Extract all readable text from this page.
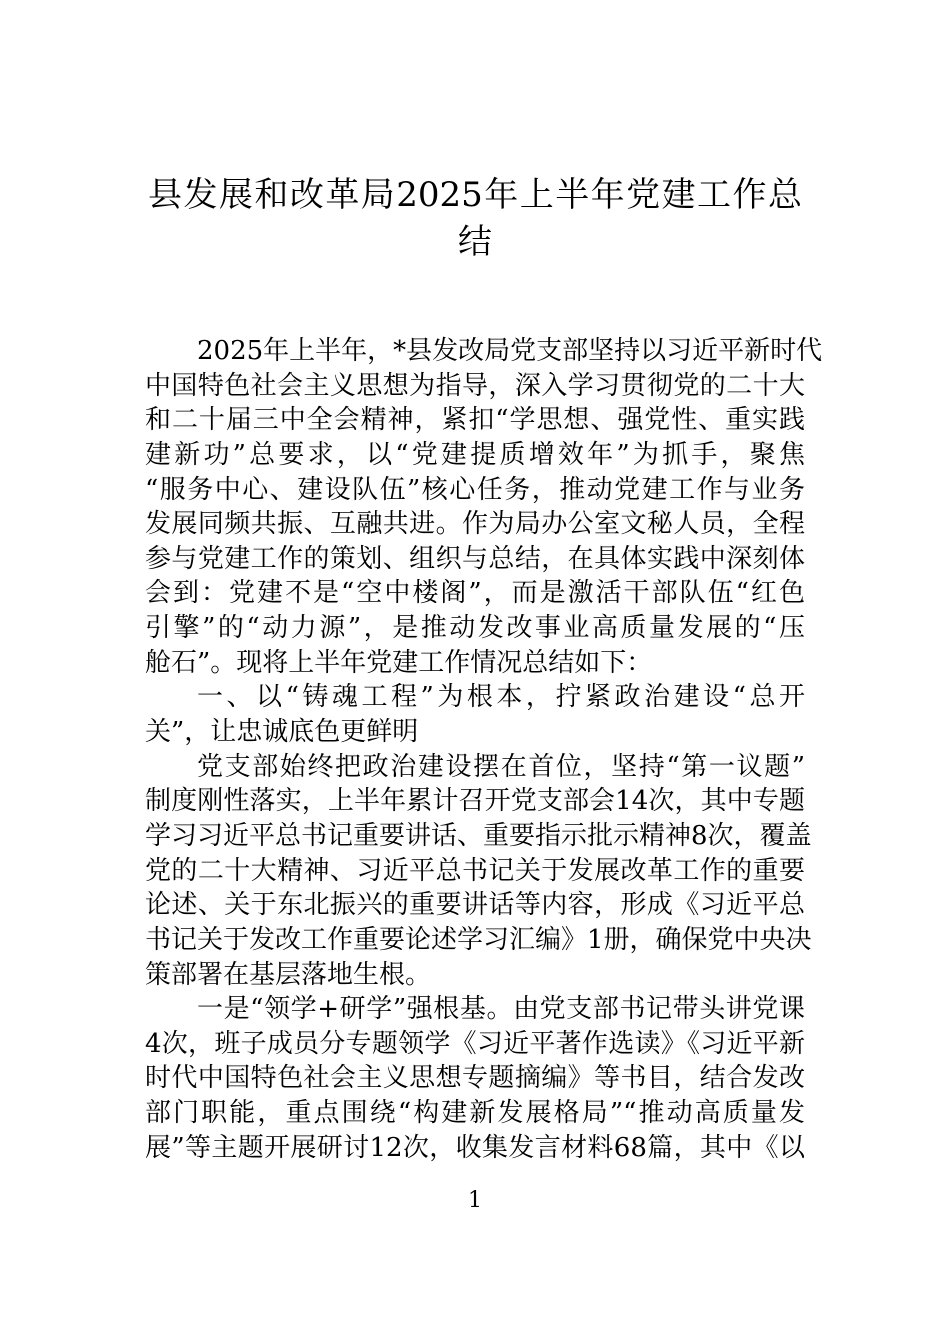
县发展和改革局2025年上半年党建工作总
结
2025年上半年，*县发改局党支部坚持以习近平新时代
中国特色社会主义思想为指导，深入学习贯彻党的二十大
和二十届三中全会精神，紧扣“学思想、强党性、重实践
建新功”总要求，以“党建提质增效年”为抓手，聚焦
“服务中心、建设队伍”核心任务，推动党建工作与业务
发展同频共振、互融共进。作为局办公室文秘人员，全程
参与党建工作的策划、组织与总结，在具体实践中深刻体
会到：党建不是“空中楼阁”，而是激活干部队伍“红色
引擎”的“动力源”，是推动发改事业高质量发展的“压
舱石”。现将上半年党建工作情况总结如下：
一、以“铸魂工程”为根本，拧紧政治建设“总开
关”，让忠诚底色更鲜明
党支部始终把政治建设摆在首位，坚持“第一议题”
制度刚性落实，上半年累计召开党支部会14次，其中专题
学习习近平总书记重要讲话、重要指示批示精神8次，覆盖
党的二十大精神、习近平总书记关于发展改革工作的重要
论述、关于东北振兴的重要讲话等内容，形成《习近平总
书记关于发改工作重要论述学习汇编》1册，确保党中央决
策部署在基层落地生根。
一是“领学+研学”强根基。由党支部书记带头讲党课
4次，班子成员分专题领学《习近平著作选读》《习近平新
时代中国特色社会主义思想专题摘编》等书目，结合发改
部门职能，重点围绕“构建新发展格局”“推动高质量发
展”等主题开展研讨12次，收集发言材料68篇，其中《以
1
